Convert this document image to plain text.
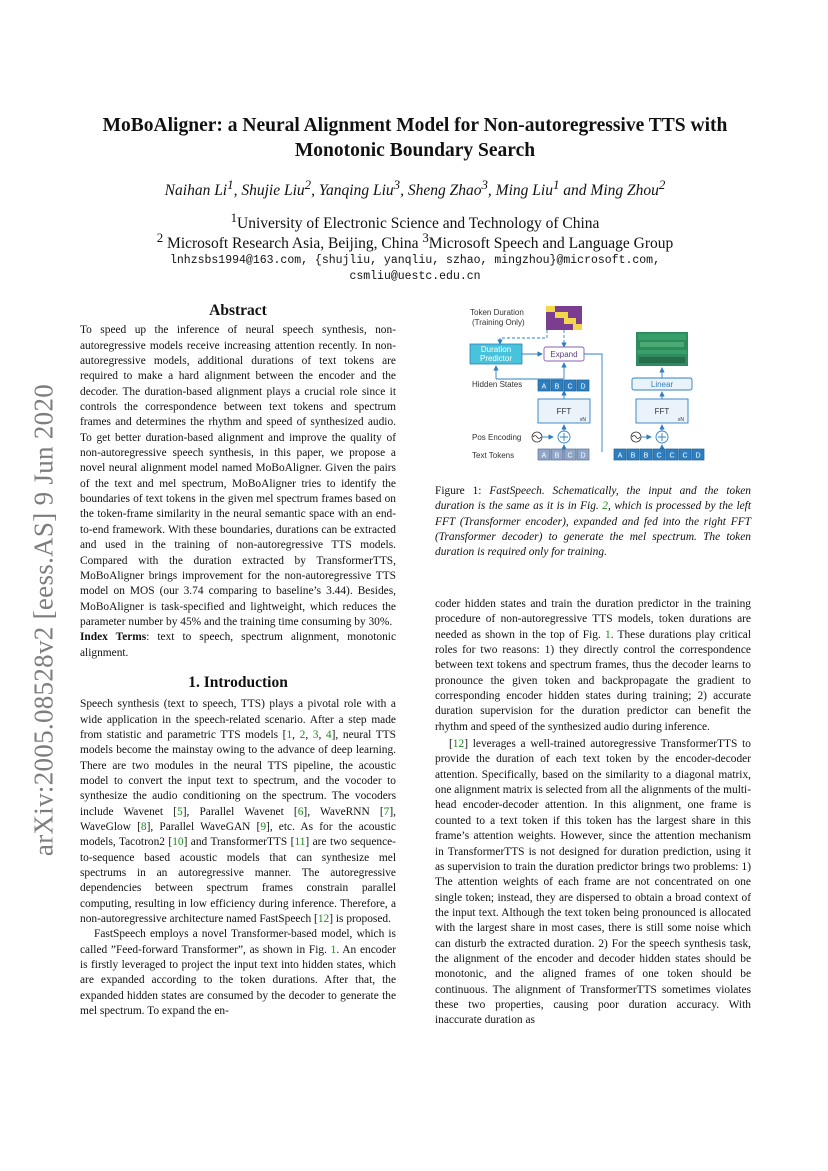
arXiv:2005.08528v2 [eess.AS] 9 Jun 2020
MoBoAligner: a Neural Alignment Model for Non-autoregressive TTS with
Monotonic Boundary Search
Naihan Li$^1$, Shujie Liu$^2$, Yanqing Liu$^3$, Sheng Zhao$^3$, Ming Liu$^1$ and Ming Zhou$^2$
$^1$University of Electronic Science and Technology of China
$^2$ Microsoft Research Asia, Beijing, China $^3$Microsoft Speech and Language Group
lnhzsbs1994@163.com, {shujliu, yanqliu, szhao, mingzhou}@microsoft.com,
csmliu@uestc.edu.cn
Abstract

To speed up the inference of neural speech synthesis, non-autoregressive models receive increasing attention recently. In non-autoregressive models, additional durations of text tokens are required to make a hard alignment between the encoder and the decoder. The duration-based alignment plays a crucial role since it controls the correspondence between text tokens and spectrum frames and determines the rhythm and speed of synthesized audio. To get better duration-based alignment and improve the quality of non-autoregressive speech synthesis, in this paper, we propose a novel neural alignment model named MoBoAligner. Given the pairs of the text and mel spectrum, MoBoAligner tries to identify the boundaries of text tokens in the given mel spectrum frames based on the token-frame similarity in the neural semantic space with an end-to-end framework. With these boundaries, durations can be extracted and used in the training of non-autoregressive TTS models. Compared with the duration extracted by TransformerTTS, MoBoAligner brings improvement for the non-autoregressive TTS model on MOS (our 3.74 comparing to baseline’s 3.44). Besides, MoBoAligner is task-specified and lightweight, which reduces the parameter number by 45% and the training time consuming by 30%.

Index Terms: text to speech, spectrum alignment, monotonic alignment.

1. Introduction

Speech synthesis (text to speech, TTS) plays a pivotal role with a wide application in the speech-related scenario. After a step made from statistic and parametric TTS models [1, 2, 3, 4], neural TTS models become the mainstay owing to the advance of deep learning. There are two modules in the neural TTS pipeline, the acoustic model to convert the input text to spectrum, and the vocoder to synthesize the audio conditioning on the spectrum. The vocoders include Wavenet [5], Parallel Wavenet [6], WaveRNN [7], WaveGlow [8], Parallel WaveGAN [9], etc. As for the acoustic models, Tacotron2 [10] and TransformerTTS [11] are two sequence-to-sequence based acoustic models that can synthesize mel spectrums in an autoregressive manner. The autoregressive dependencies between spectrum frames constrain parallel computing, resulting in low efficiency during inference. Therefore, a non-autoregressive architecture named FastSpeech [12] is proposed.

FastSpeech employs a novel Transformer-based model, which is called ”Feed-forward Transformer”, as shown in Fig. 1. An encoder is firstly leveraged to project the input text into hidden states, which are expanded according to the token durations. After that, the expanded hidden states are consumed by the decoder to generate the mel spectrum. To expand the en-

Token Duration
(Training Only)
Duration
Predictor	Expand
Hidden States	A B C D	Linear
FFT
xN
FFT
xN
Pos Encoding
Text Tokens	A B C D	A B B C C C D
Figure 1: FastSpeech. Schematically, the input and the token duration is the same as it is in Fig. 2, which is processed by the left FFT (Transformer encoder), expanded and fed into the right FFT (Transformer decoder) to generate the mel spectrum. The token duration is required only for training.

coder hidden states and train the duration predictor in the training procedure of non-autoregressive TTS models, token durations are needed as shown in the top of Fig. 1. These durations play critical roles for two reasons: 1) they directly control the correspondence between text tokens and spectrum frames, thus the decoder learns to pronounce the given token and backpropagate the gradient to corresponding encoder hidden states during training; 2) accurate duration supervision for the duration predictor can benefit the rhythm and speed of the synthesized audio during inference.

[12] leverages a well-trained autoregressive TransformerTTS to provide the duration of each text token by the encoder-decoder attention. Specifically, based on the similarity to a diagonal matrix, one alignment matrix is selected from all the alignments of the multi-head encoder-decoder attention. In this alignment, one frame is counted to a text token if this token has the largest share in this frame’s attention weights. However, since the attention mechanism in TransformerTTS is not designed for duration prediction, using it as supervision to train the duration predictor brings two problems: 1) The attention weights of each frame are not concentrated on one single token; instead, they are dispersed to obtain a broad context of the input text. Although the text token being pronounced is allocated with the largest share in most cases, there is still some noise which can disturb the extracted duration. 2) For the speech synthesis task, the alignment of the encoder and decoder hidden states should be monotonic, and the aligned frames of one token should be continuous. The alignment of TransformerTTS sometimes violates these two properties, causing poor duration accuracy. With inaccurate duration as
